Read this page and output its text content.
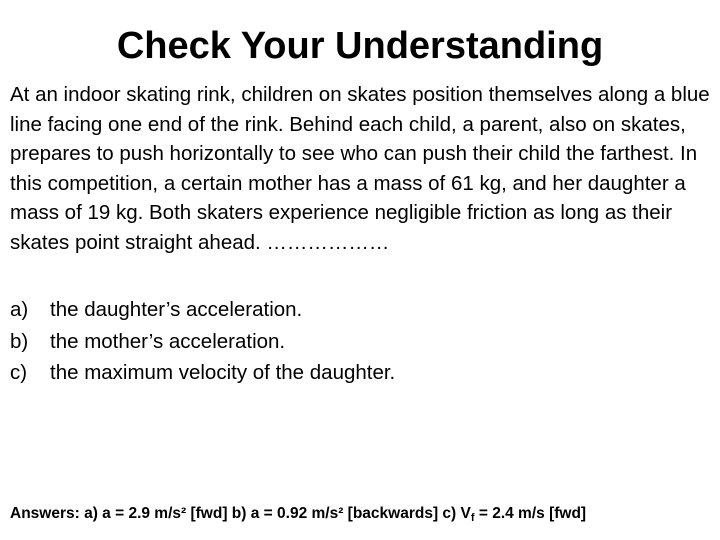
Check Your Understanding
At an indoor skating rink, children on skates position themselves along a blue line facing one end of the rink. Behind each child, a parent, also on skates, prepares to push horizontally to see who can push their child the farthest. In this competition, a certain mother has a mass of 61 kg, and her daughter a mass of 19 kg. Both skaters experience negligible friction as long as their skates point straight ahead. ………………
a)	the daughter’s acceleration.
b)	the mother’s acceleration.
c)	the maximum velocity of the daughter.
Answers: a) a = 2.9 m/s² [fwd] b) a = 0.92 m/s² [backwards] c) $V_f = 2.4$ m/s [fwd]
